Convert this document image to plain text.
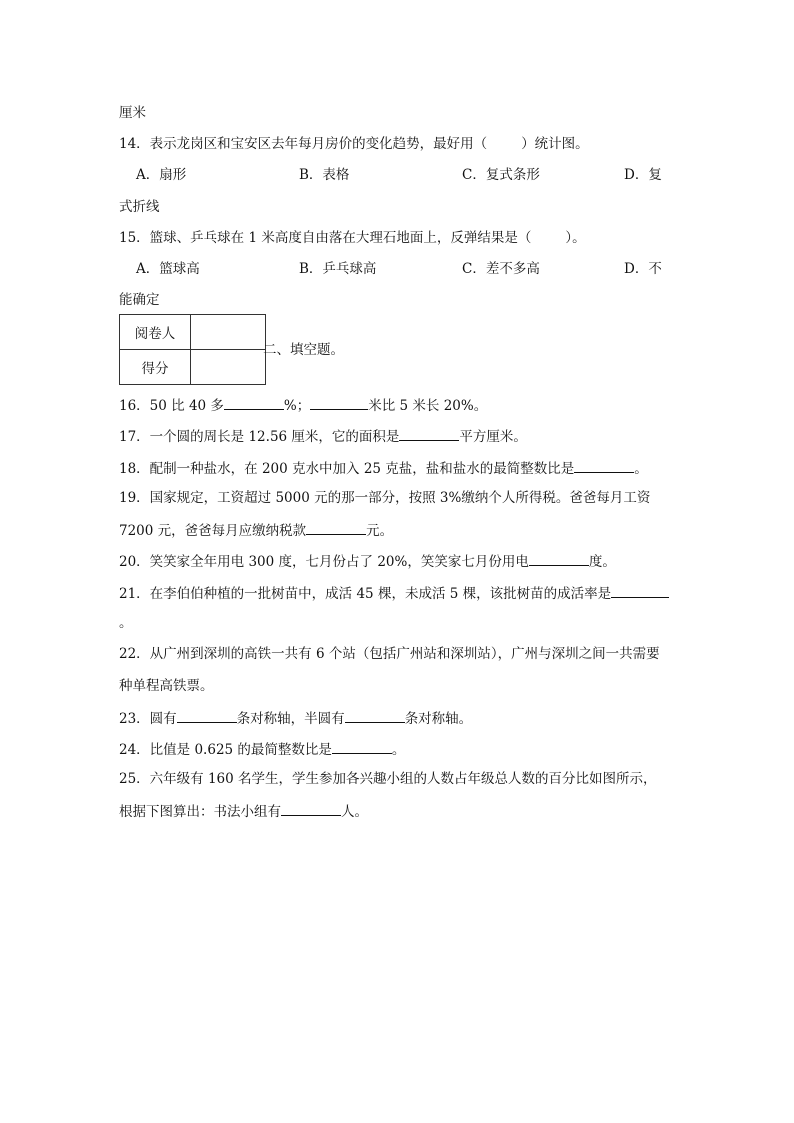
厘米
14．表示龙岗区和宝安区去年每月房价的变化趋势，最好用（	）统计图。
A．扇形	B．表格	C．复式条形	D．复
式折线
15．篮球、乒乓球在 1 米高度自由落在大理石地面上，反弹结果是（	）。
A．篮球高	B．乒乓球高	C．差不多高	D．不
能确定
阅卷人	
得分	
二、填空题。
16．50 比 40 多	%；	米比 5 米长 20%。
17．一个圆的周长是 12.56 厘米，它的面积是	平方厘米。
18．配制一种盐水，在 200 克水中加入 25 克盐，盐和盐水的最简整数比是	。
19．国家规定，工资超过 5000 元的那一部分，按照 3%缴纳个人所得税。爸爸每月工资
7200 元，爸爸每月应缴纳税款	元。
20．笑笑家全年用电 300 度，七月份占了 20%，笑笑家七月份用电	度。
21．在李伯伯种植的一批树苗中，成活 45 棵，未成活 5 棵，该批树苗的成活率是
。
22．从广州到深圳的高铁一共有 6 个站（包括广州站和深圳站），广州与深圳之间一共需要
种单程高铁票。
23．圆有	条对称轴，半圆有	条对称轴。
24．比值是 0.625 的最简整数比是	。
25．六年级有 160 名学生，学生参加各兴趣小组的人数占年级总人数的百分比如图所示，
根据下图算出：书法小组有	人。
